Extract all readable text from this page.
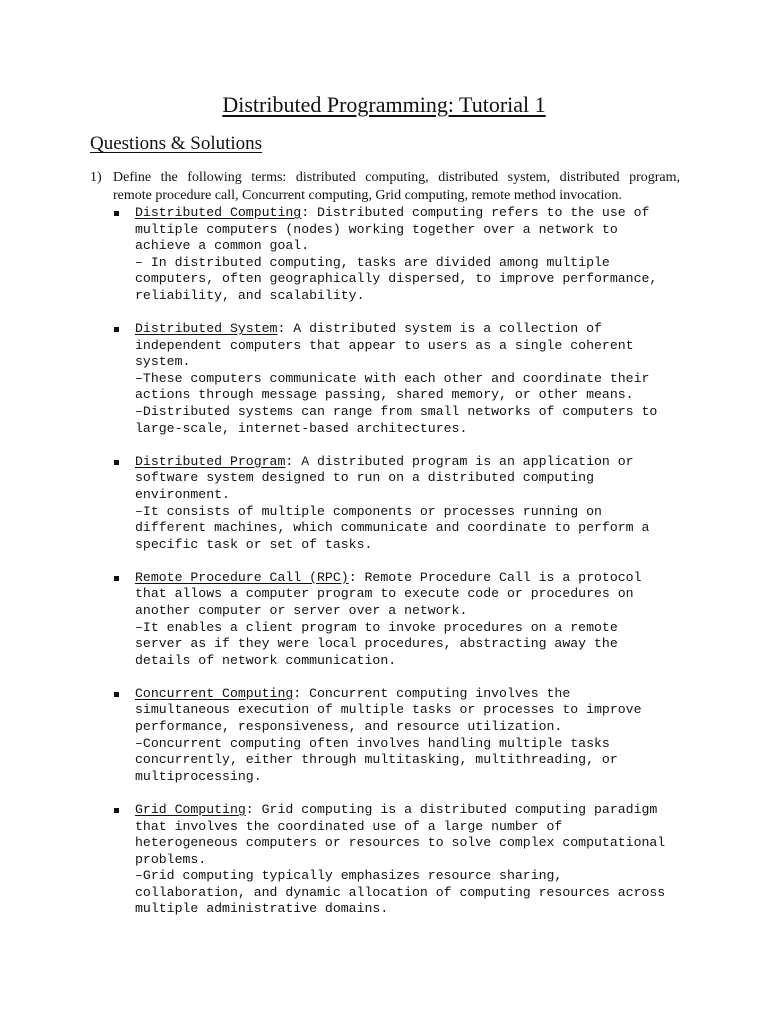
Distributed Programming: Tutorial 1
Questions & Solutions
1) Define the following terms: distributed computing, distributed system, distributed program,
remote procedure call, Concurrent computing, Grid computing, remote method invocation.
Distributed Computing: Distributed computing refers to the use of
multiple computers (nodes) working together over a network to
achieve a common goal.
– In distributed computing, tasks are divided among multiple
computers, often geographically dispersed, to improve performance,
reliability, and scalability.
Distributed System: A distributed system is a collection of
independent computers that appear to users as a single coherent
system.
–These computers communicate with each other and coordinate their
actions through message passing, shared memory, or other means.
–Distributed systems can range from small networks of computers to
large-scale, internet-based architectures.
Distributed Program: A distributed program is an application or
software system designed to run on a distributed computing
environment.
–It consists of multiple components or processes running on
different machines, which communicate and coordinate to perform a
specific task or set of tasks.
Remote Procedure Call (RPC): Remote Procedure Call is a protocol
that allows a computer program to execute code or procedures on
another computer or server over a network.
–It enables a client program to invoke procedures on a remote
server as if they were local procedures, abstracting away the
details of network communication.
Concurrent Computing: Concurrent computing involves the
simultaneous execution of multiple tasks or processes to improve
performance, responsiveness, and resource utilization.
–Concurrent computing often involves handling multiple tasks
concurrently, either through multitasking, multithreading, or
multiprocessing.
Grid Computing: Grid computing is a distributed computing paradigm
that involves the coordinated use of a large number of
heterogeneous computers or resources to solve complex computational
problems.
–Grid computing typically emphasizes resource sharing,
collaboration, and dynamic allocation of computing resources across
multiple administrative domains.
